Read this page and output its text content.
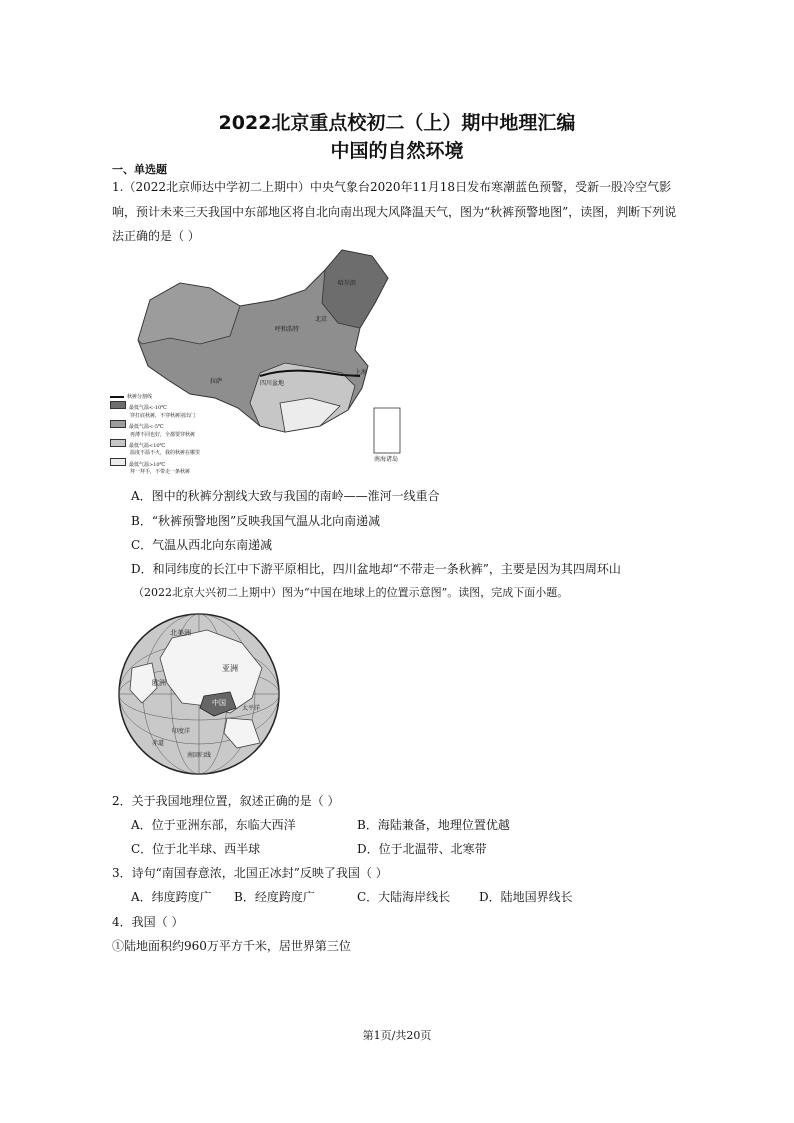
2022北京重点校初二（上）期中地理汇编
中国的自然环境
一、单选题
1.（2022北京师达中学初二上期中）中央气象台2020年11月18日发布寒潮蓝色预警，受新一股冷空气影
响，预计未来三天我国中东部地区将自北向南出现大风降温天气，图为“秋裤预警地图”，读图，判断下列说
法正确的是（ ）
哈尔滨
北京
呼和浩特
拉萨	四川盆地
上海
南海诸岛
秋裤分割线
最低气温<-10℃
穿打底秋裤，不穿秋裤别出门
最低气温<-5℃
再薄不同也好，全都要穿秋裤
最低气温<10℃
温度不温不火，我的秋裤在哪里
最低气温>10℃
拜一拜手，不带走一条秋裤
A．图中的秋裤分割线大致与我国的南岭——淮河一线重合
B．“秋裤预警地图”反映我国气温从北向南递减
C．气温从西北向东南递减
D．和同纬度的长江中下游平原相比，四川盆地却“不带走一条秋裤”，主要是因为其四周环山
（2022北京大兴初二上期中）图为“中国在地球上的位置示意图”。读图，完成下面小题。
北美洲
欧洲
亚洲
中国
太平洋
印度洋
赤道
南回归线
2．关于我国地理位置，叙述正确的是（ ）
A．位于亚洲东部，东临大西洋	B．海陆兼备，地理位置优越
C．位于北半球、西半球	D．位于北温带、北寒带
3．诗句“南国春意浓，北国正冰封”反映了我国（ ）
A．纬度跨度广 B．经度跨度广	C．大陆海岸线长 D．陆地国界线长
4．我国（ ）
①陆地面积约960万平方千米，居世界第三位
第1页/共20页
